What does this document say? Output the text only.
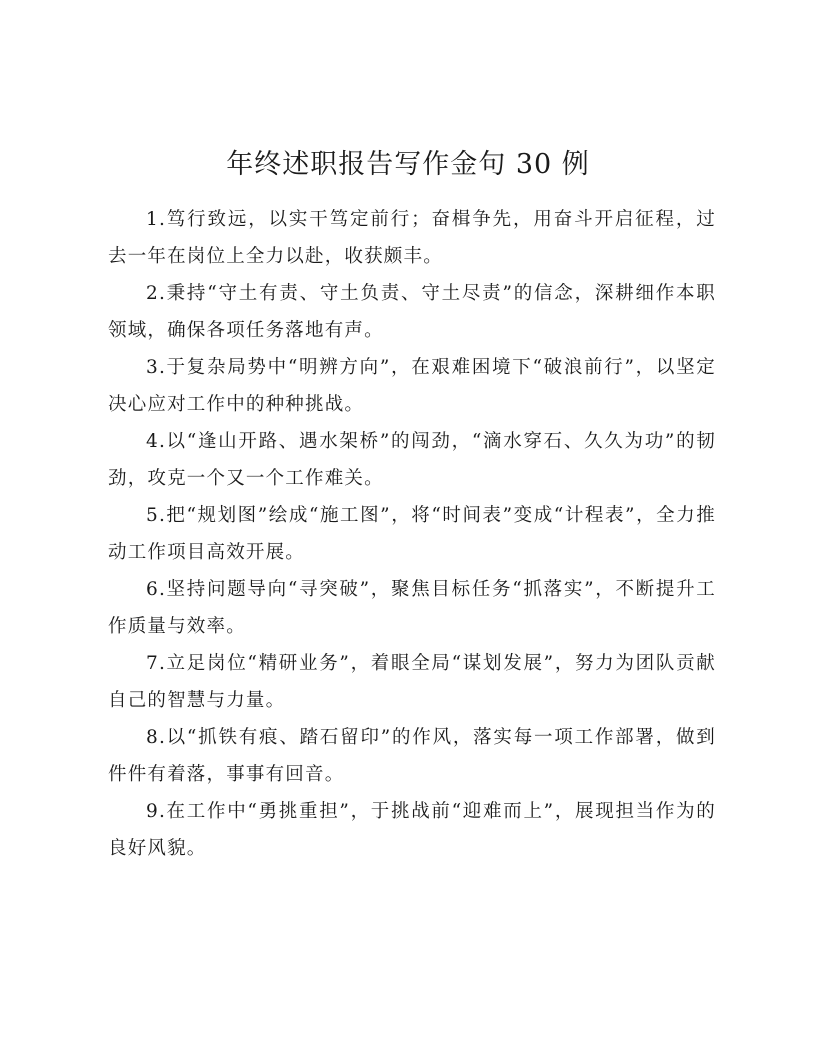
年终述职报告写作金句 30 例

1.笃行致远，以实干笃定前行；奋楫争先，用奋斗开启征程，过去一年在岗位上全力以赴，收获颇丰。

2.秉持“守土有责、守土负责、守土尽责”的信念，深耕细作本职领域，确保各项任务落地有声。

3.于复杂局势中“明辨方向”，在艰难困境下“破浪前行”，以坚定决心应对工作中的种种挑战。

4.以“逢山开路、遇水架桥”的闯劲，“滴水穿石、久久为功”的韧劲，攻克一个又一个工作难关。

5.把“规划图”绘成“施工图”，将“时间表”变成“计程表”，全力推动工作项目高效开展。

6.坚持问题导向“寻突破”，聚焦目标任务“抓落实”，不断提升工作质量与效率。

7.立足岗位“精研业务”，着眼全局“谋划发展”，努力为团队贡献自己的智慧与力量。

8.以“抓铁有痕、踏石留印”的作风，落实每一项工作部署，做到件件有着落，事事有回音。

9.在工作中“勇挑重担”，于挑战前“迎难而上”，展现担当作为的良好风貌。
